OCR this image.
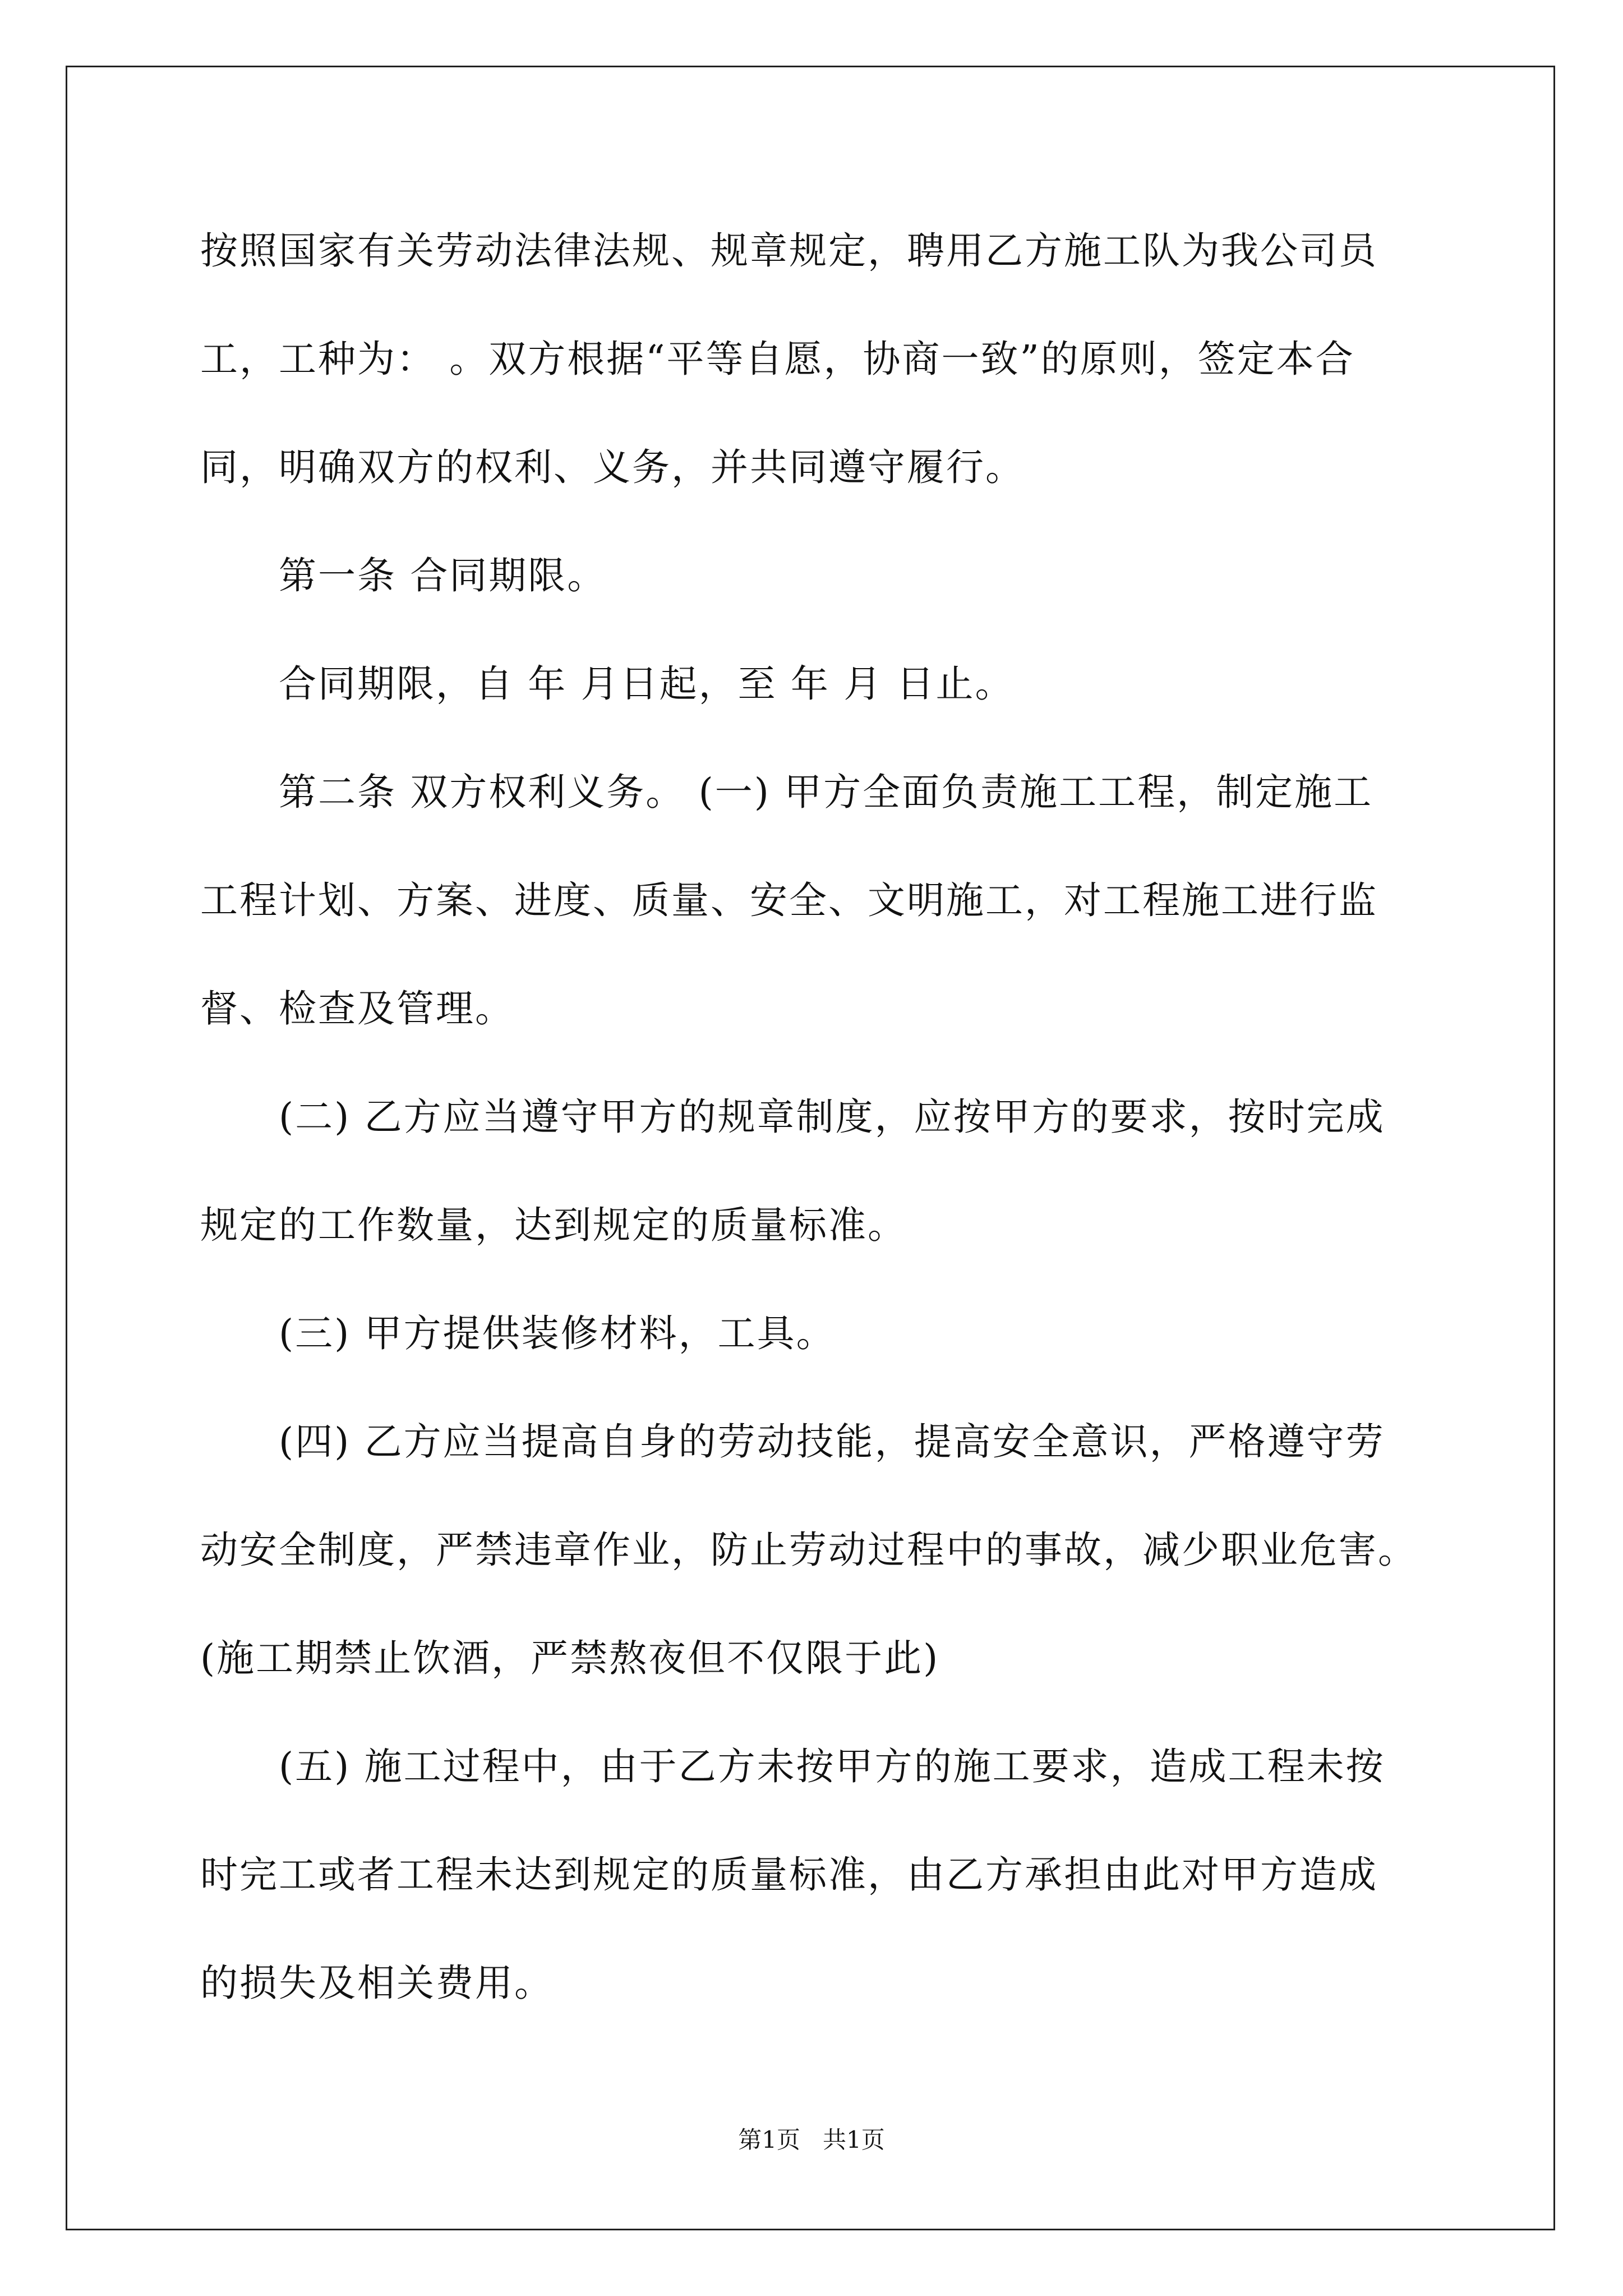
按照国家有关劳动法律法规、规章规定，聘用乙方施工队为我公司员
工，工种为： 。双方根据“平等自愿，协商一致”的原则，签定本合
同，明确双方的权利、义务，并共同遵守履行。
第一条 合同期限。
合同期限，自 年 月日起，至 年 月 日止。
第二条 双方权利义务。 (一) 甲方全面负责施工工程，制定施工
工程计划、方案、进度、质量、安全、文明施工，对工程施工进行监
督、检查及管理。
(二) 乙方应当遵守甲方的规章制度，应按甲方的要求，按时完成
规定的工作数量，达到规定的质量标准。
(三) 甲方提供装修材料，工具。
(四) 乙方应当提高自身的劳动技能，提高安全意识，严格遵守劳
动安全制度，严禁违章作业，防止劳动过程中的事故，减少职业危害。
(施工期禁止饮酒，严禁熬夜但不仅限于此)
(五) 施工过程中，由于乙方未按甲方的施工要求，造成工程未按
时完工或者工程未达到规定的质量标准，由乙方承担由此对甲方造成
的损失及相关费用。
第1页   共1页
